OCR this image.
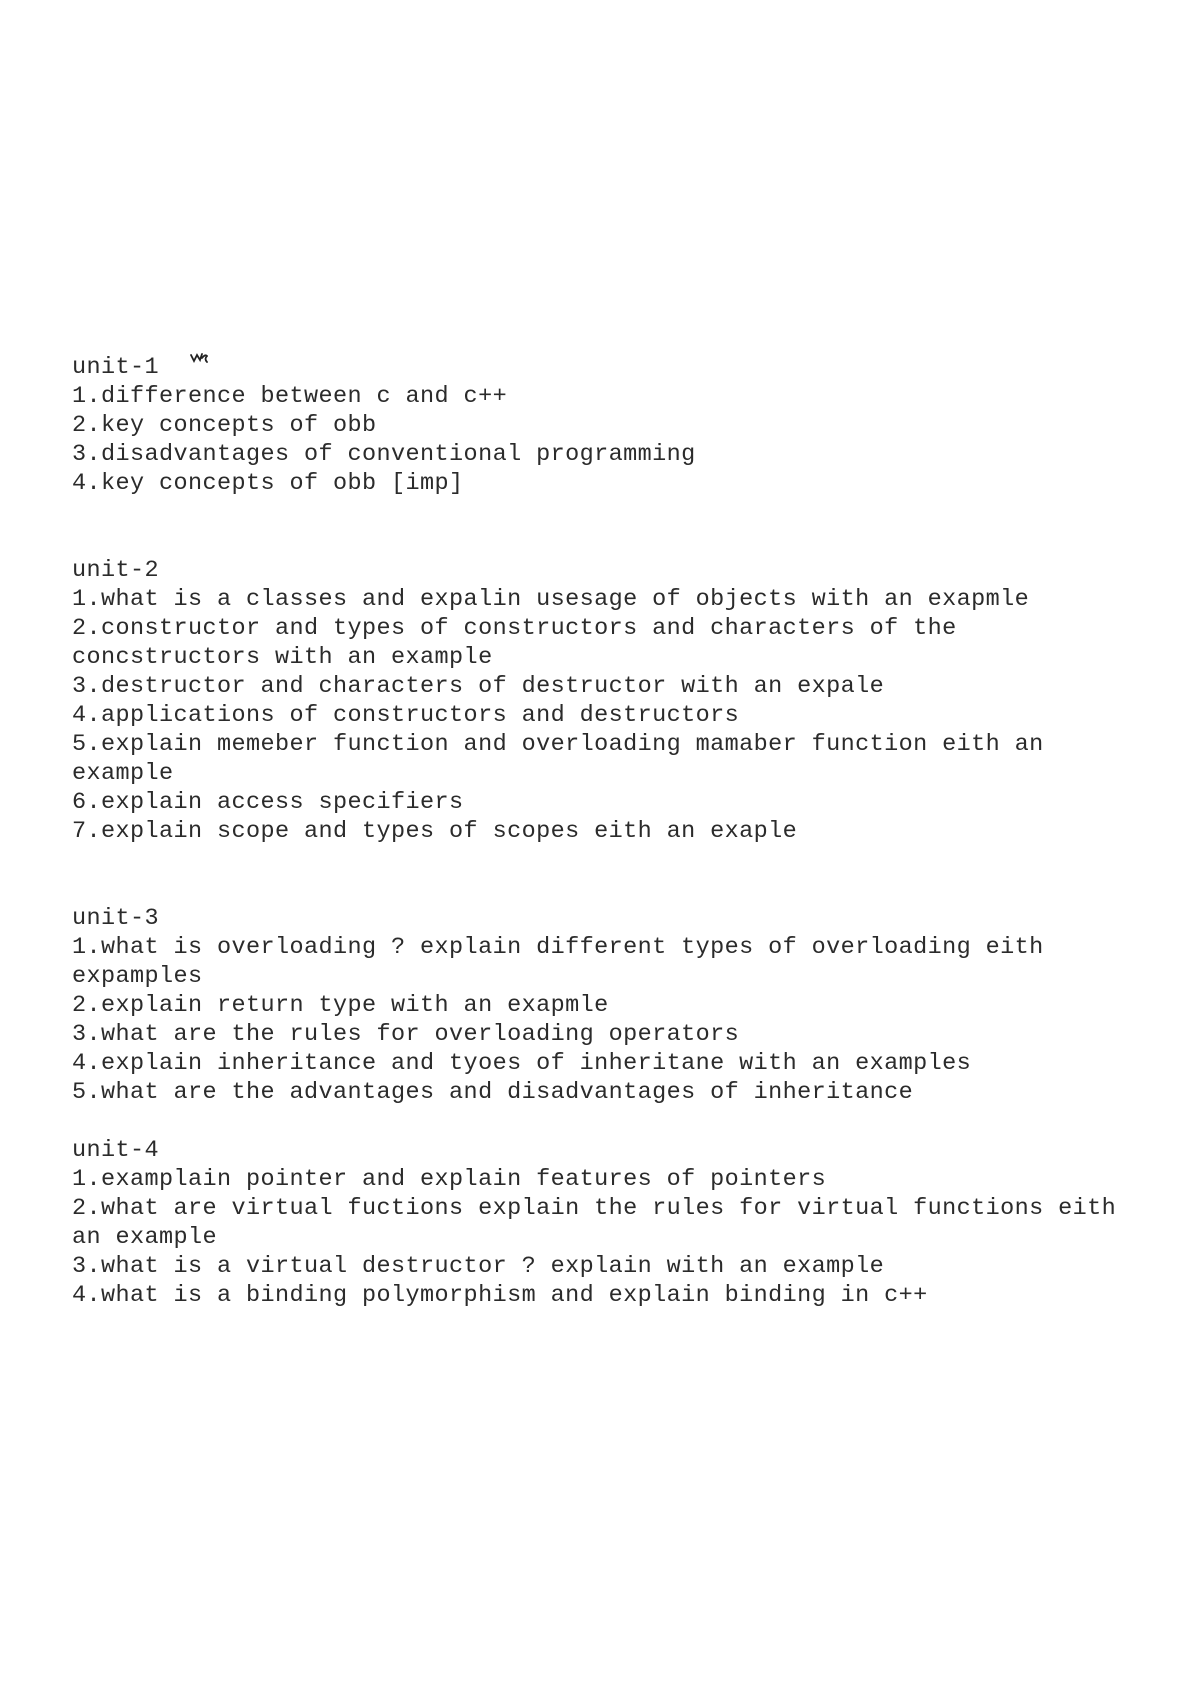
unit-1
1.difference between c and c++
2.key concepts of obb
3.disadvantages of conventional programming
4.key concepts of obb [imp]
unit-2
1.what is a classes and expalin usesage of objects with an exapmle
2.constructor and types of constructors and characters of the concstructors with an example
3.destructor and characters of destructor with an expale
4.applications of constructors and destructors
5.explain memeber function and overloading mamaber function eith an example
6.explain access specifiers
7.explain scope and types of scopes eith an exaple
unit-3
1.what is overloading ? explain different types of overloading eith expamples
2.explain return type with an exapmle
3.what are the rules for overloading operators
4.explain inheritance and tyoes of inheritane with an examples
5.what are the advantages and disadvantages of inheritance
unit-4
1.examplain pointer and explain features of pointers
2.what are virtual fuctions explain the rules for virtual functions eith an example
3.what is a virtual destructor ? explain with an example
4.what is a binding polymorphism and explain binding in c++
